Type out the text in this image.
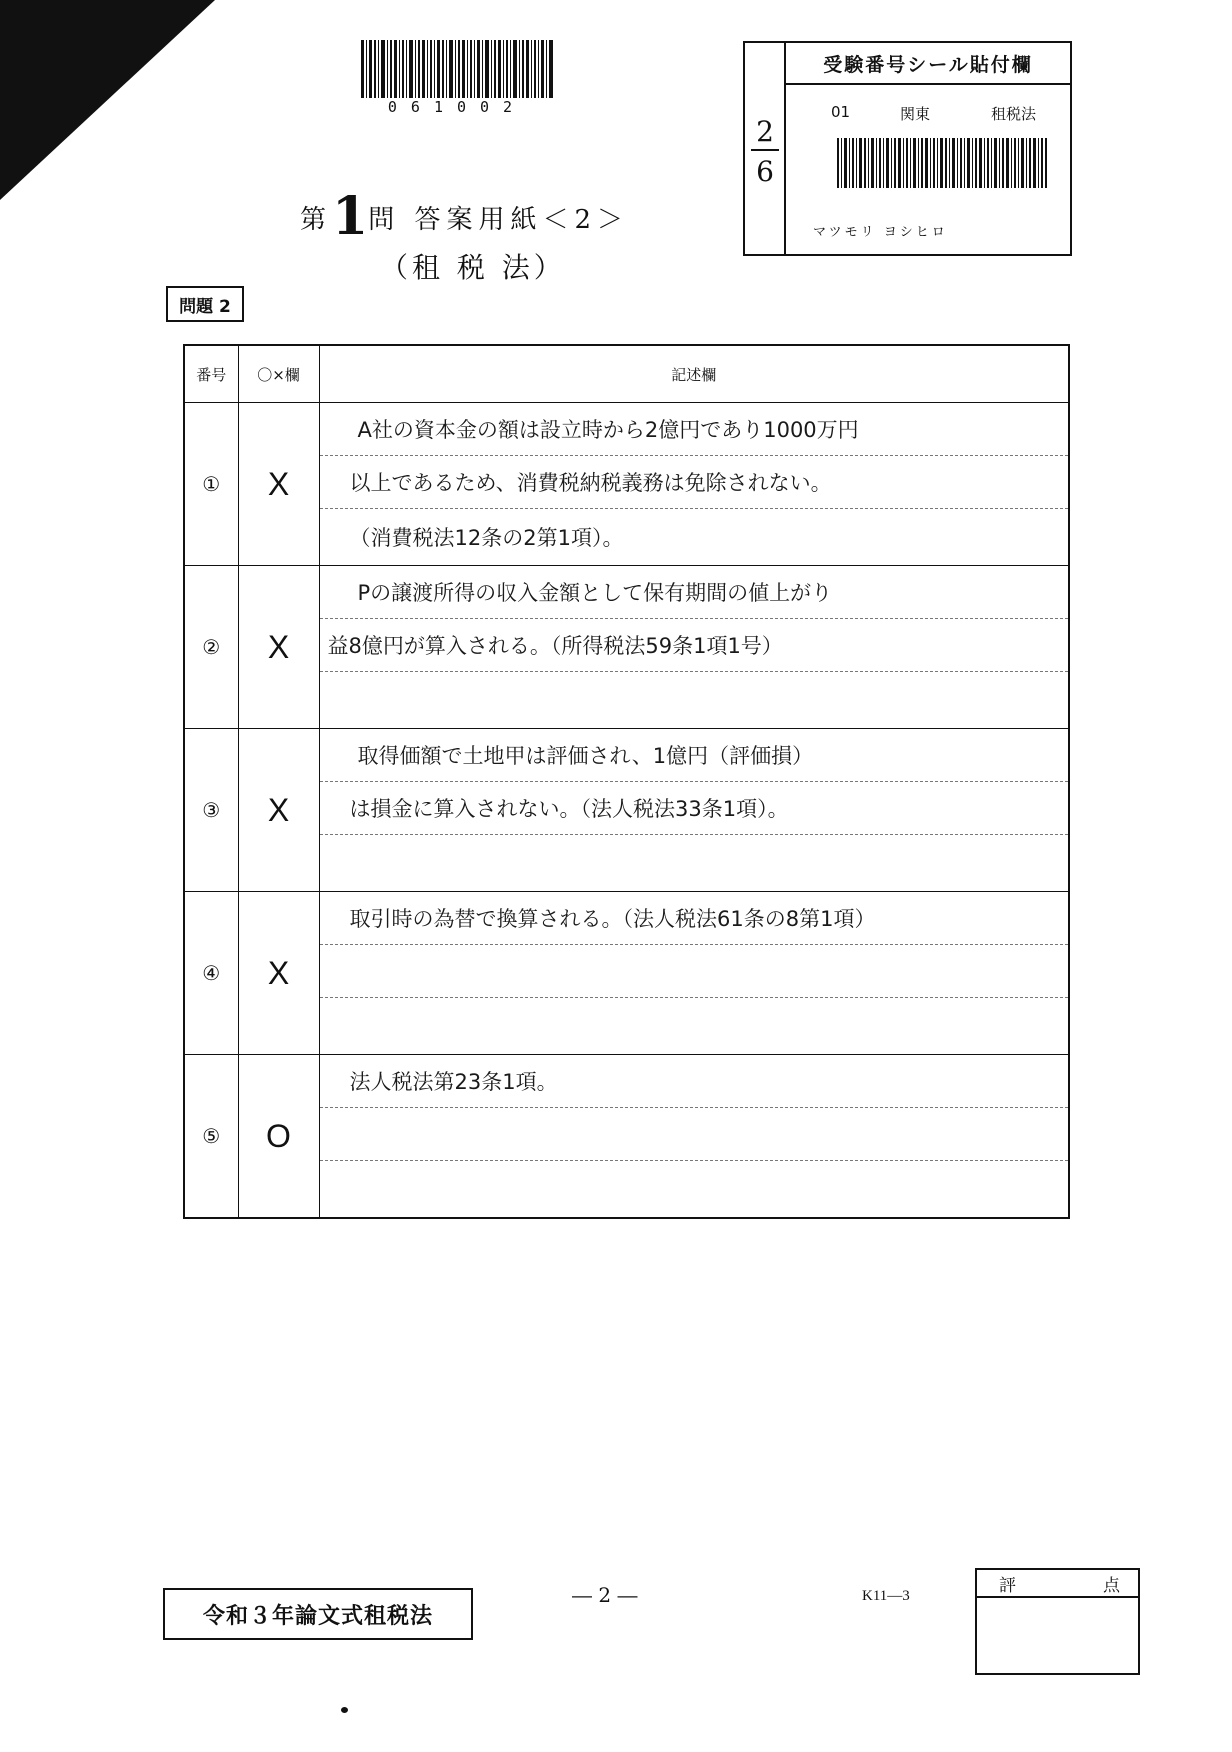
061002
第1問 答案用紙＜2＞
（租 税 法）
問題 2
2
6
受験番号シール貼付欄
01	関東	租税法
マツモリ ヨシヒロ
番号	〇×欄	記述欄
①	X	A社の資本金の額は設立時から2億円であり1000万円
以上であるため、消費税納税義務は免除されない。
（消費税法12条の2第1項）。

②	X	Pの譲渡所得の収入金額として保有期間の値上がり
益8億円が算入される。（所得税法59条1項1号）

③	X	取得価額で土地甲は評価され、1億円（評価損）
は損金に算入されない。（法人税法33条1項）。

④	X	取引時の為替で換算される。（法人税法61条の8第1項）

⑤	O	法人税法第23条1項。
令和３年論文式租税法
― 2 ―	K11―3
評	点
